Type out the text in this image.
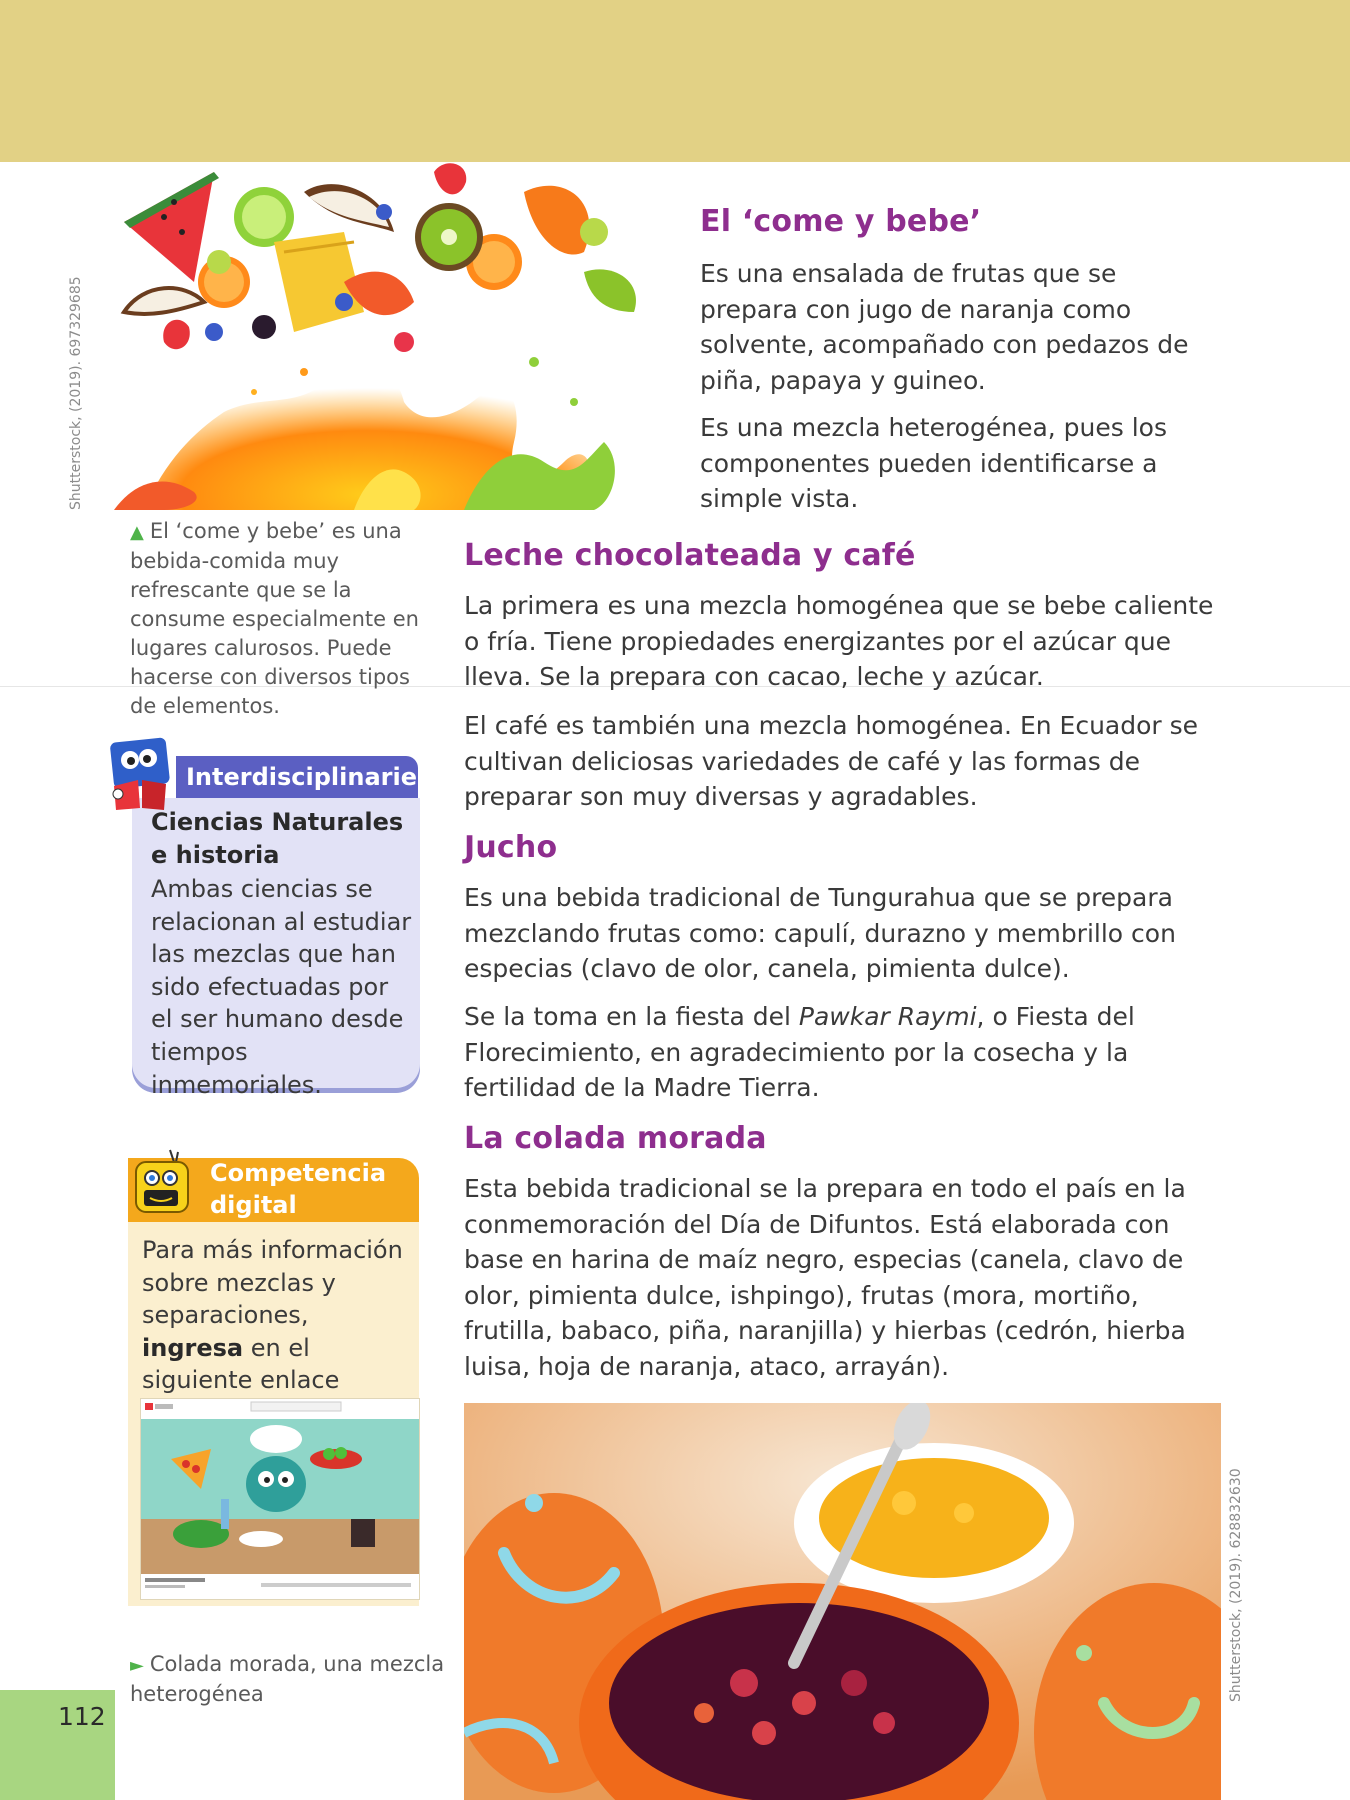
Shutterstock, (2019). 697329685
▲ El ‘come y bebe’ es una bebida-comida muy refrescante que se la consume especialmente en lugares calurosos. Puede hacerse con diversos tipos de elementos.
El ‘come y bebe’

Es una ensalada de frutas que se prepara con jugo de naranja como solvente, acompañado con pedazos de piña, papaya y guineo.

Es una mezcla heterogénea, pues los componentes pueden identificarse a simple vista.

Leche chocolateada y café

La primera es una mezcla homogénea que se bebe caliente o fría. Tiene propiedades energizantes por el azúcar que lleva. Se la prepara con cacao, leche y azúcar.

El café es también una mezcla homogénea. En Ecuador se cultivan deliciosas variedades de café y las formas de preparar son muy diversas y agradables.

Jucho

Es una bebida tradicional de Tungurahua que se prepara mezclando frutas como: capulí, durazno y membrillo con especias (clavo de olor, canela, pimienta dulce).

Se la toma en la fiesta del Pawkar Raymi, o Fiesta del Florecimiento, en agradecimiento por la cosecha y la fertilidad de la Madre Tierra.

La colada morada

Esta bebida tradicional se la prepara en todo el país en la conmemoración del Día de Difuntos. Está elaborada con base en harina de maíz negro, especias (canela, clavo de olor, pimienta dulce, ishpingo), frutas (mora, mortiño, frutilla, babaco, piña, naranjilla) y hierbas (cedrón, hierba luisa, hoja de naranja, ataco, arrayán).

Interdisciplinariedad
Ciencias Naturales e historia
Ambas ciencias se relacionan al estudiar las mezclas que han sido efectuadas por el ser humano desde tiempos inmemoriales.
Competencia
digital
Para más información sobre mezclas y separaciones, ingresa en el siguiente enlace
► Colada morada, una mezcla
heterogénea
112
Shutterstock, (2019). 628832630
